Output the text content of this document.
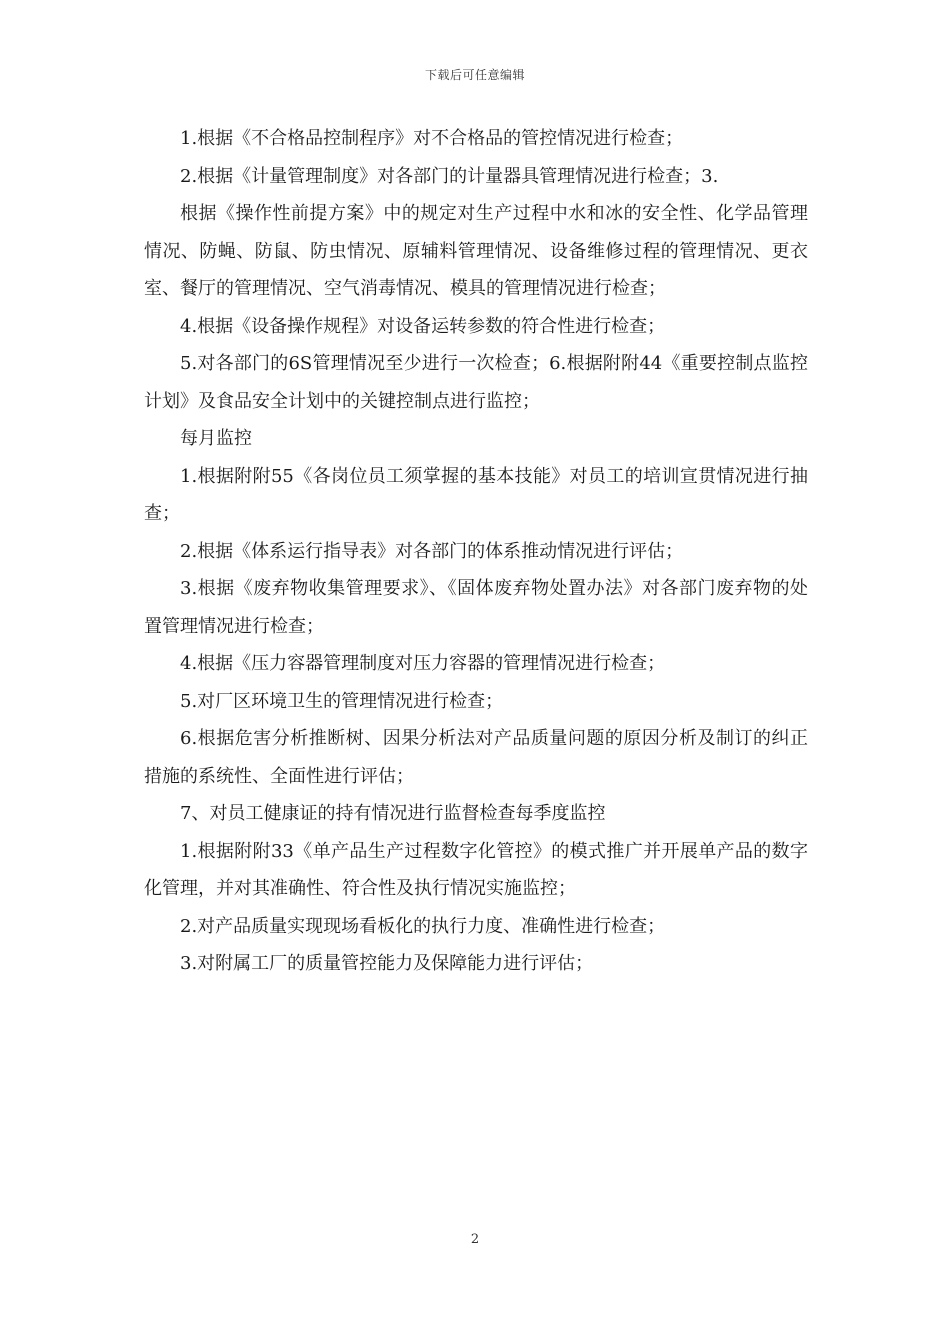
下载后可任意编辑

1.根据《不合格品控制程序》对不合格品的管控情况进行检查；

2.根据《计量管理制度》对各部门的计量器具管理情况进行检查；3.

根据《操作性前提方案》中的规定对生产过程中水和冰的安全性、化学品管理情况、防蝇、防鼠、防虫情况、原辅料管理情况、设备维修过程的管理情况、更衣室、餐厅的管理情况、空气消毒情况、模具的管理情况进行检查；

4.根据《设备操作规程》对设备运转参数的符合性进行检查；

5.对各部门的6S管理情况至少进行一次检查；6.根据附附44《重要控制点监控计划》及食品安全计划中的关键控制点进行监控；

每月监控

1.根据附附55《各岗位员工须掌握的基本技能》对员工的培训宣贯情况进行抽查；

2.根据《体系运行指导表》对各部门的体系推动情况进行评估；

3.根据《废弃物收集管理要求》、《固体废弃物处置办法》对各部门废弃物的处置管理情况进行检查；

4.根据《压力容器管理制度对压力容器的管理情况进行检查；

5.对厂区环境卫生的管理情况进行检查；

6.根据危害分析推断树、因果分析法对产品质量问题的原因分析及制订的纠正措施的系统性、全面性进行评估；

7、对员工健康证的持有情况进行监督检查每季度监控

1.根据附附33《单产品生产过程数字化管控》的模式推广并开展单产品的数字化管理，并对其准确性、符合性及执行情况实施监控；

2.对产品质量实现现场看板化的执行力度、准确性进行检查；

3.对附属工厂的质量管控能力及保障能力进行评估；

2
